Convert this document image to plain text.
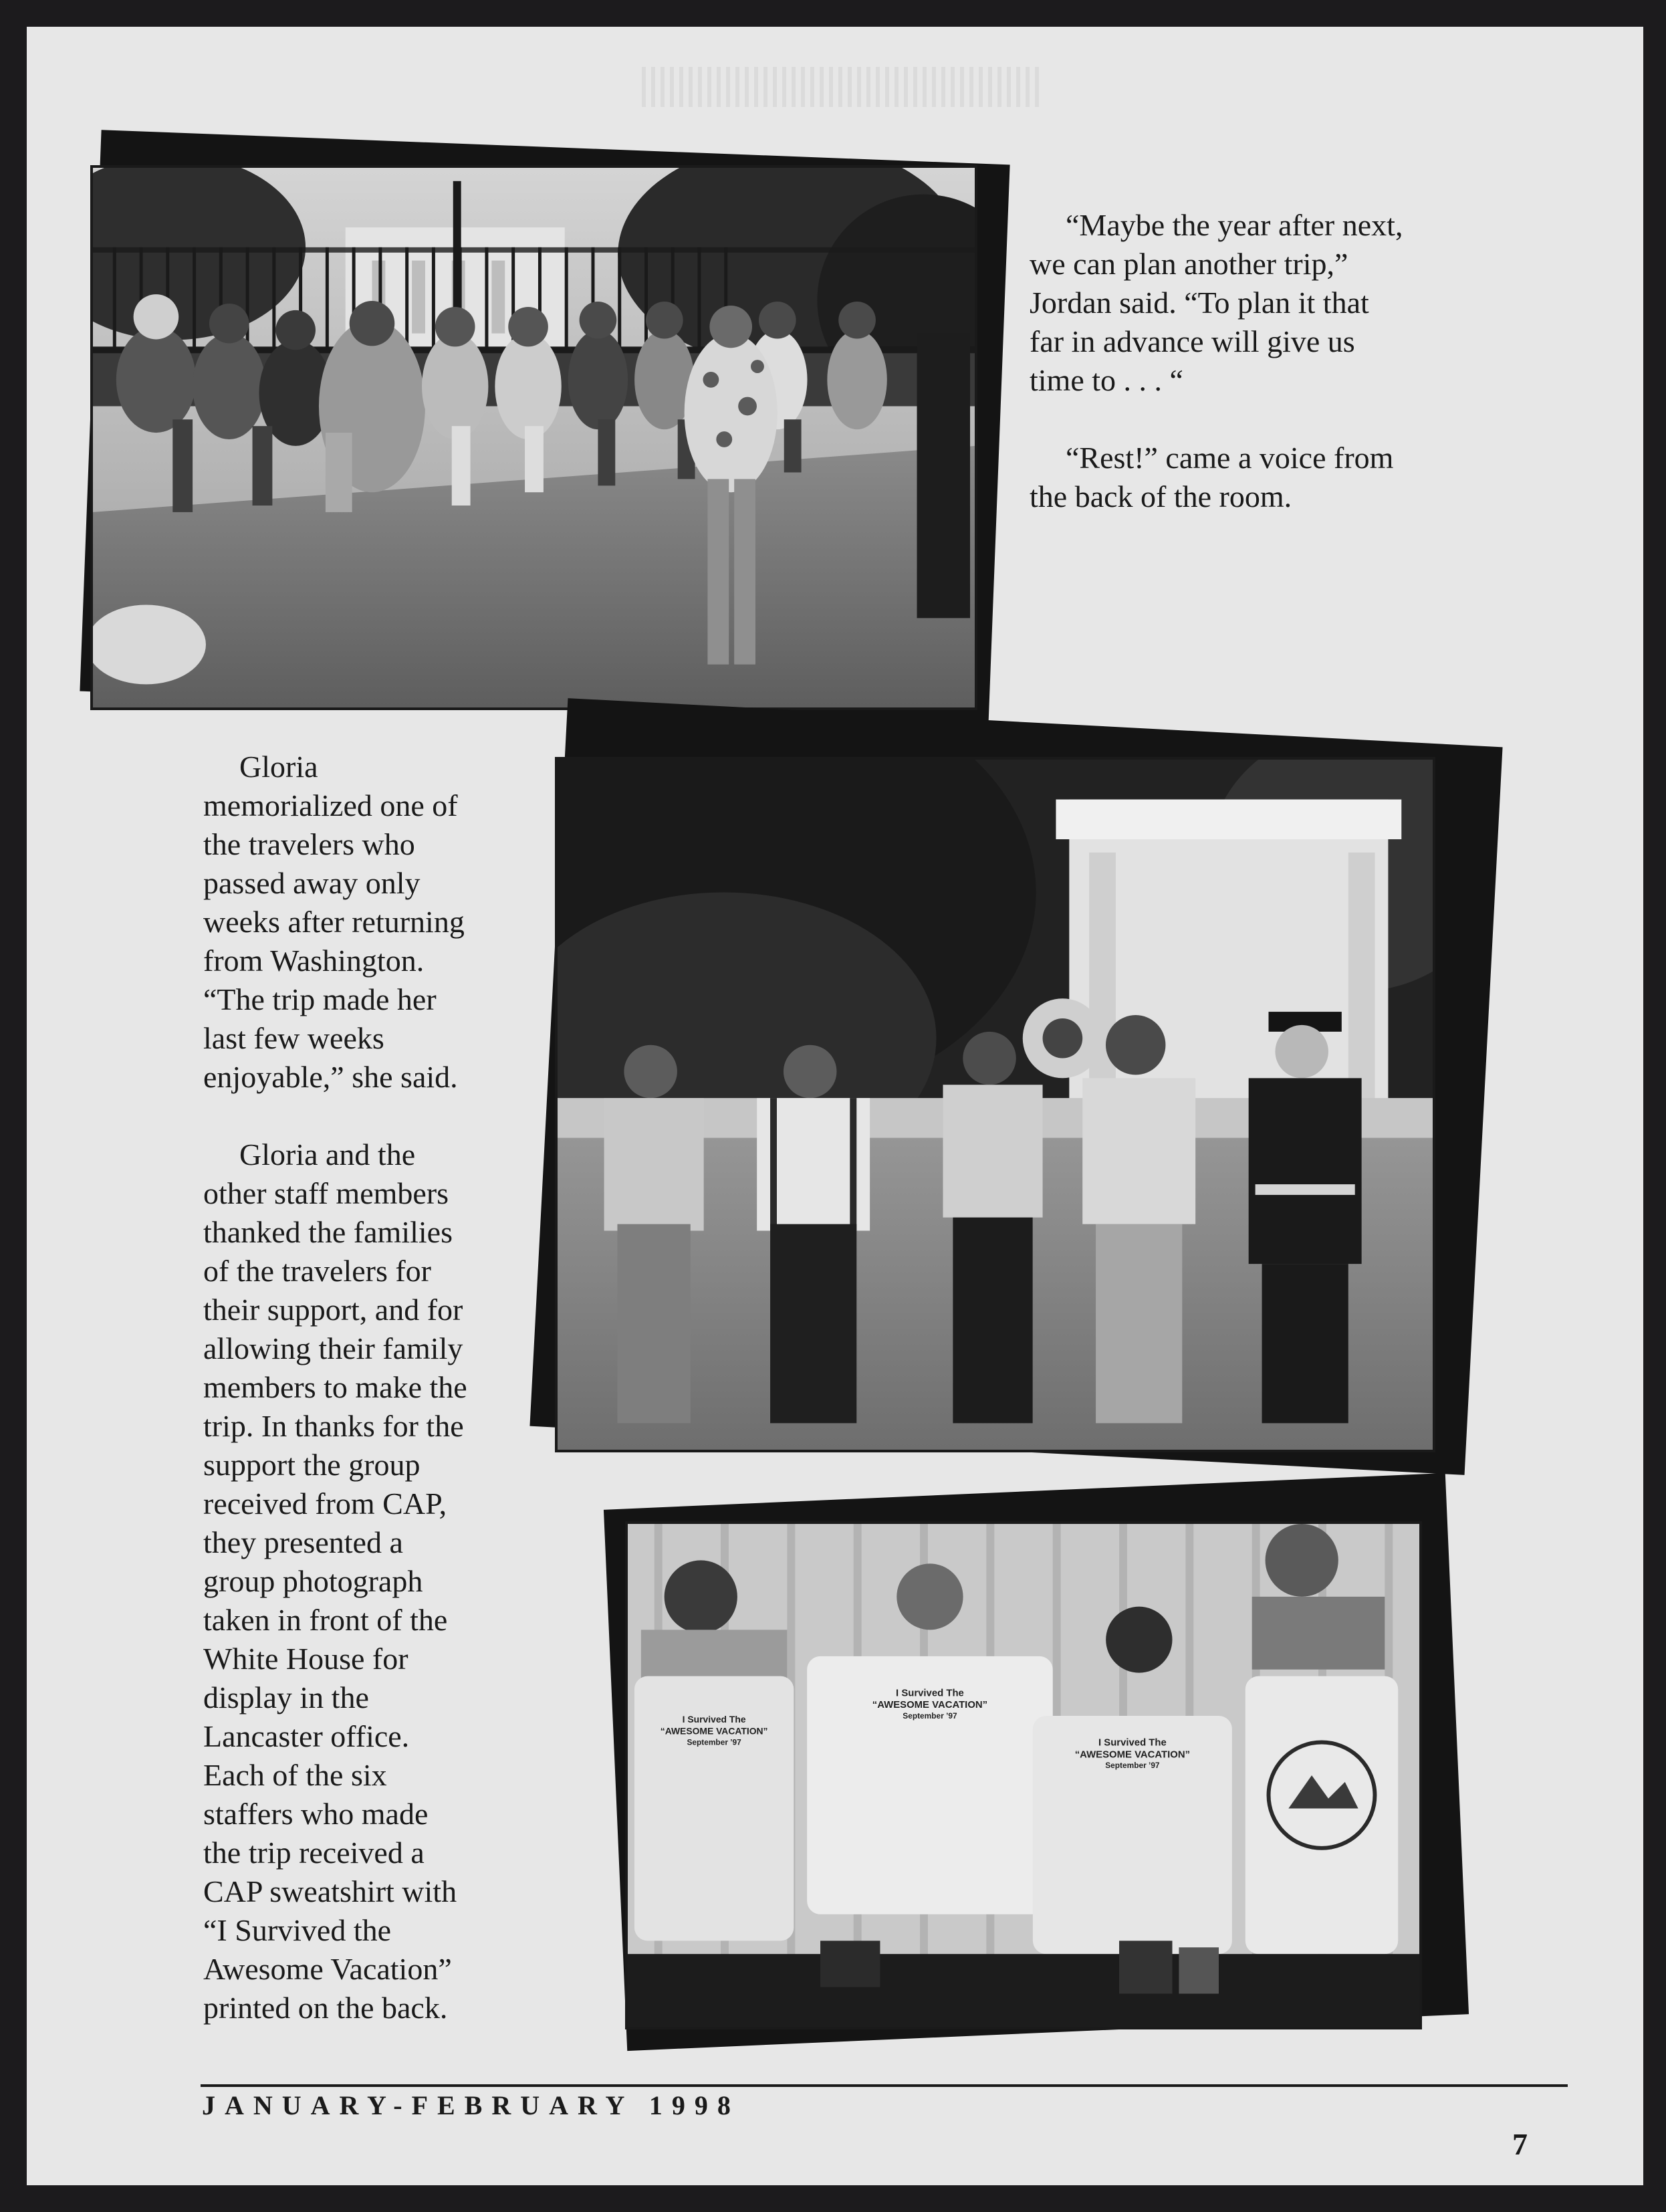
“Maybe the year after next, we can plan another trip,” Jordan said. “To plan it that far in advance will give us time to . . . “

“Rest!” came a voice from the back of the room.

Gloria memorialized one of the travelers who passed away only weeks after returning from Washington. “The trip made her last few weeks enjoyable,” she said.

Gloria and the other staff members thanked the families of the travelers for their support, and for allowing their family members to make the trip. In thanks for the support the group received from CAP, they presented a group photograph taken in front of the White House for display in the Lancaster office. Each of the six staffers who made the trip received a CAP sweatshirt with “I Survived the Awesome Vacation” printed on the back.

I Survived The
“AWESOME VACATION”
September ’97
I Survived The
“AWESOME VACATION”
September ’97
I Survived The
“AWESOME VACATION”
September ’97
JANUARY-FEBRUARY 1998
7
